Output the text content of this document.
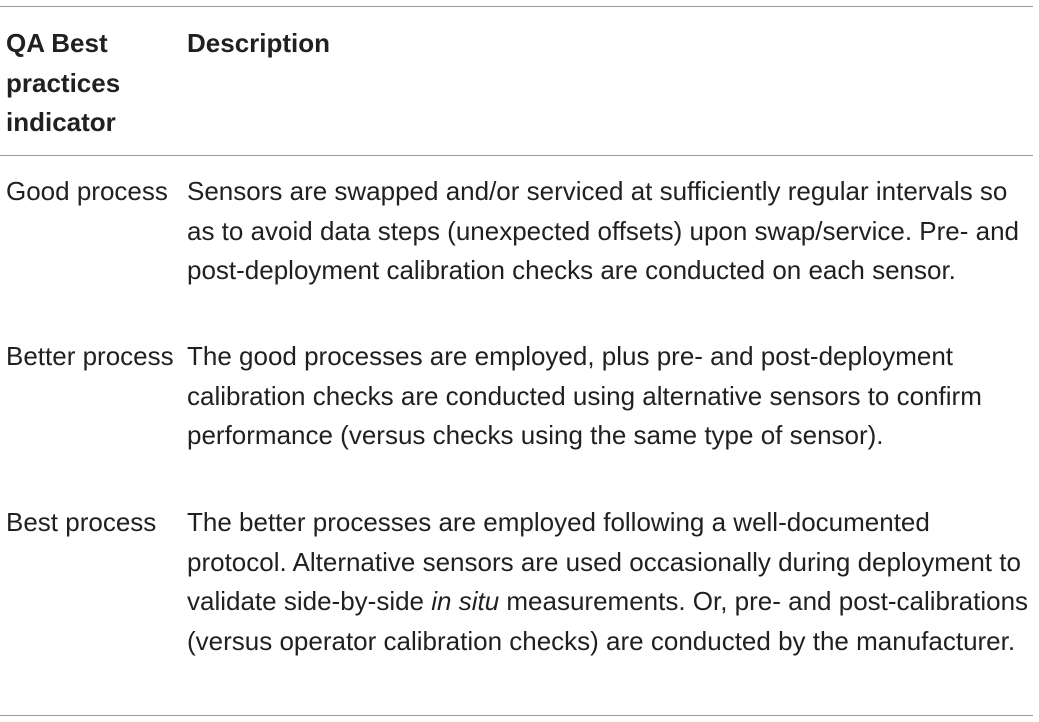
QA Best practices indicator
Description
Good process Sensors are swapped and/or serviced at sufficiently regular intervals so as to avoid data steps (unexpected offsets) upon swap/service. Pre- and post-deployment calibration checks are conducted on each sensor.
Better process The good processes are employed, plus pre- and post-deployment calibration checks are conducted using alternative sensors to confirm performance (versus checks using the same type of sensor).
Best process	The better processes are employed following a well-documented protocol. Alternative sensors are used occasionally during deployment to validate side-by-side in situ measurements. Or, pre- and post-calibrations (versus operator calibration checks) are conducted by the manufacturer.
